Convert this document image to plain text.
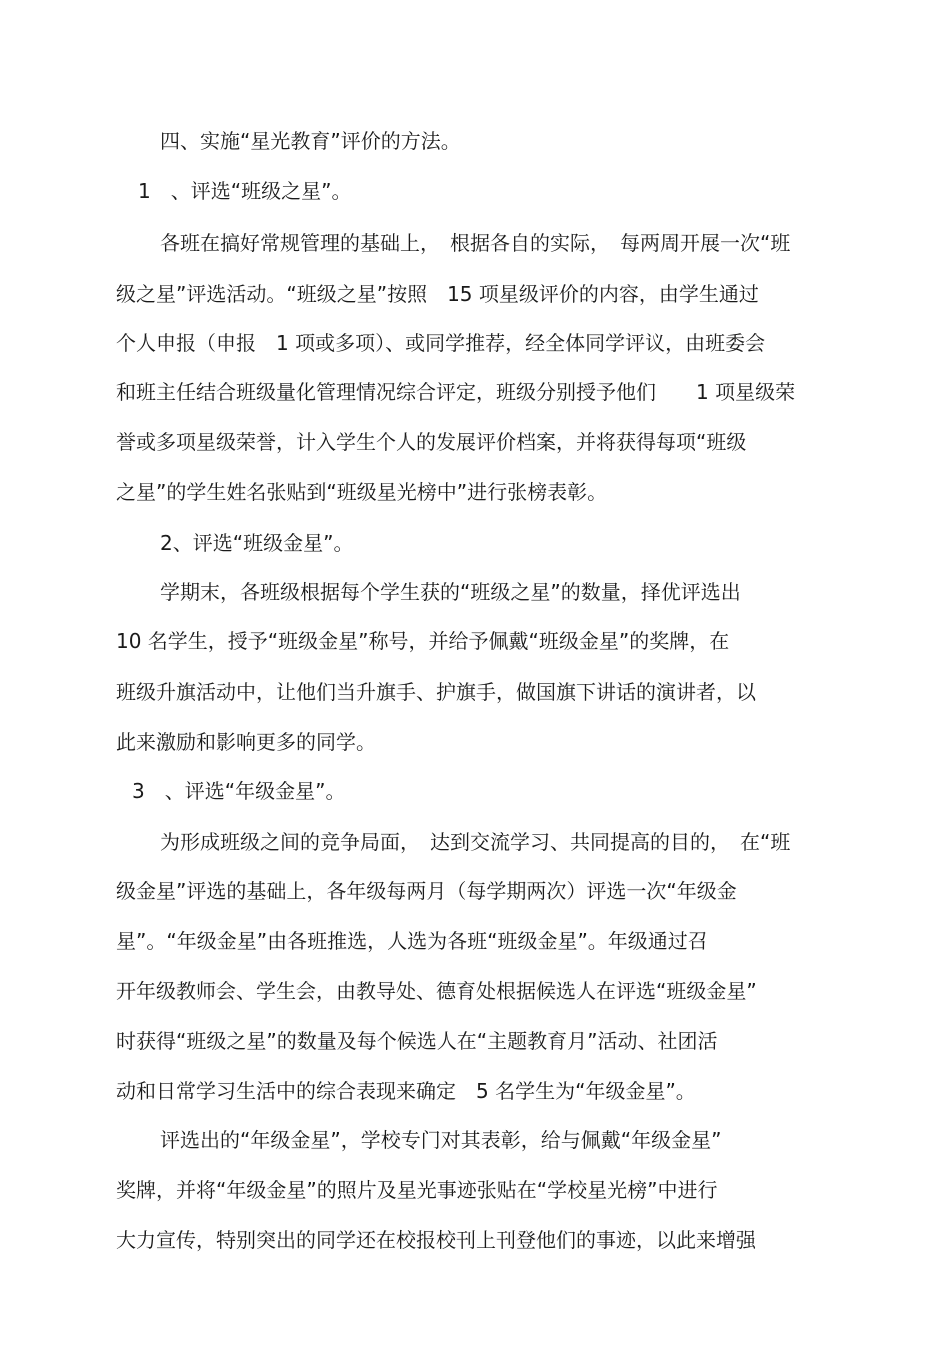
四、实施“星光教育”评价的方法。
1　、评选“班级之星”。
各班在搞好常规管理的基础上，　根据各自的实际，　每两周开展一次“班
级之星”评选活动。“班级之星”按照　15 项星级评价的内容，由学生通过
个人申报（申报　1 项或多项）、或同学推荐，经全体同学评议，由班委会
和班主任结合班级量化管理情况综合评定，班级分别授予他们　　1 项星级荣
誉或多项星级荣誉，计入学生个人的发展评价档案，并将获得每项“班级
之星”的学生姓名张贴到“班级星光榜中”进行张榜表彰。
2、评选“班级金星”。
学期末，各班级根据每个学生获的“班级之星”的数量，择优评选出
10 名学生，授予“班级金星”称号，并给予佩戴“班级金星”的奖牌，在
班级升旗活动中，让他们当升旗手、护旗手，做国旗下讲话的演讲者，以
此来激励和影响更多的同学。
3　、评选“年级金星”。
为形成班级之间的竞争局面，　达到交流学习、共同提高的目的，　在“班
级金星”评选的基础上，各年级每两月（每学期两次）评选一次“年级金
星”。“年级金星”由各班推选，人选为各班“班级金星”。年级通过召
开年级教师会、学生会，由教导处、德育处根据候选人在评选“班级金星”
时获得“班级之星”的数量及每个候选人在“主题教育月”活动、社团活
动和日常学习生活中的综合表现来确定　5 名学生为“年级金星”。
评选出的“年级金星”，学校专门对其表彰，给与佩戴“年级金星”
奖牌，并将“年级金星”的照片及星光事迹张贴在“学校星光榜”中进行
大力宣传，特别突出的同学还在校报校刊上刊登他们的事迹，以此来增强
